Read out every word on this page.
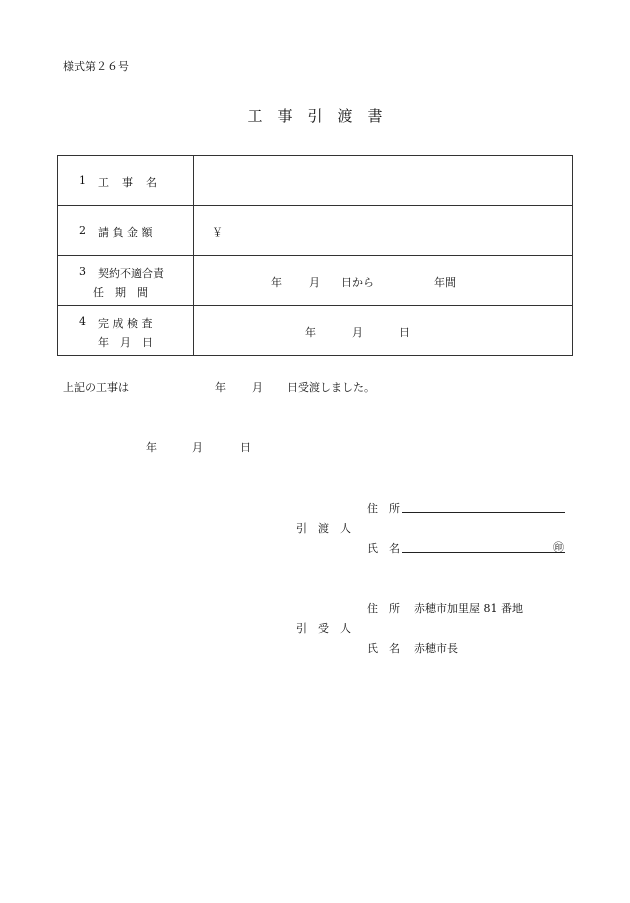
様式第２６号
工事引渡書
1 工　事　名	

2 請 負 金 額	￥

3 契約不適合責
任　期　間	年 月 日から 年間

4 完 成 検 査
年　月　日	年 月 日
上記の工事は	年 月 日受渡しました。
年	月	日
住　所
引　渡　人
氏　名	㊞
住　所 赤穂市加里屋 81 番地
引　受　人
氏　名 赤穂市長
